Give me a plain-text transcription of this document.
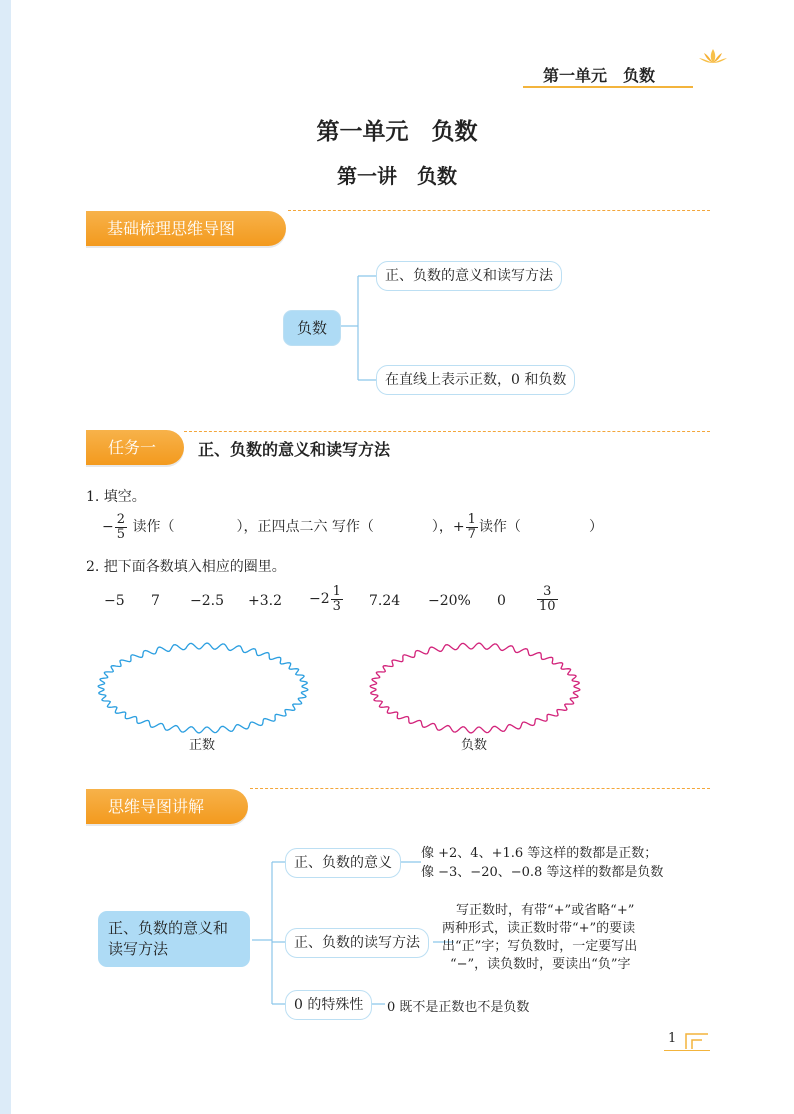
第一单元　负数
第一单元　负数
第一讲　负数
基础梳理思维导图
负数
正、负数的意义和读写方法
在直线上表示正数，0 和负数
任务一	正、负数的意义和读写方法
1. 填空。
− $\frac{2}{5}$ 读作（	），正四点二六 写作（	），+ $\frac{1}{7}$ 读作（	）
2. 把下面各数填入相应的圈里。
−5 $7 -2.5 +3.2 -2 \frac{1}{3} 7.24 -20\%$ $0 \frac{3}{10}$
正数	负数
思维导图讲解
正、负数的意义和读写方法
正、负数的意义
正、负数的读写方法
0 的特殊性
像 +2、4、+1.6 等这样的数都是正数；
像 −3、−20、−0.8 等这样的数都是负数
写正数时，有带“+”或省略“+”
两种形式，读正数时带“+”的要读
出“正”字；写负数时，一定要写出
“−”，读负数时，要读出“负”字
0 既不是正数也不是负数
1
